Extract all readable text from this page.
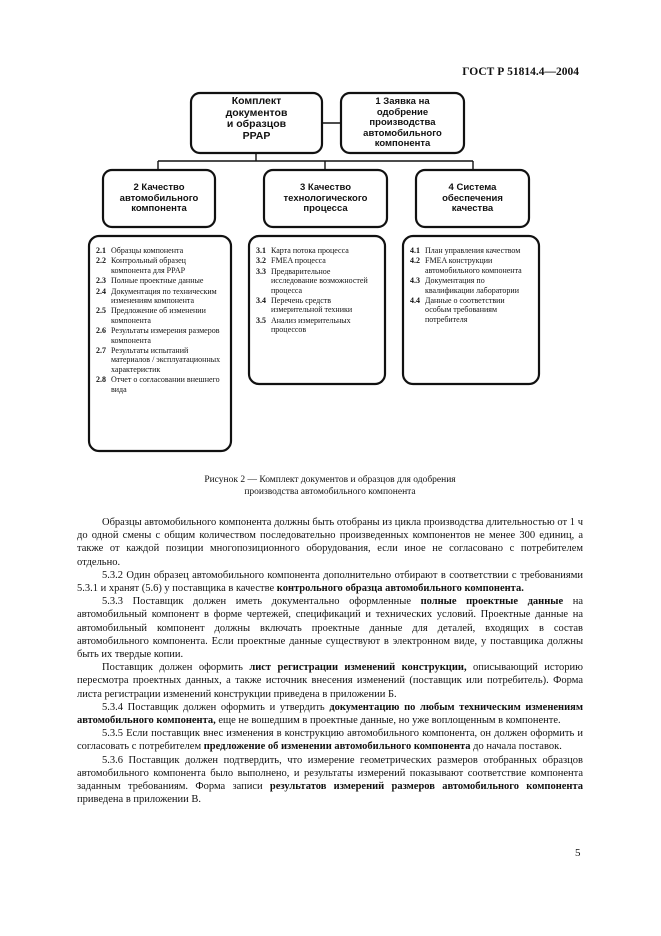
ГОСТ Р 51814.4—2004
Комплект
документов
и образцов
PPAP
1 Заявка на
одобрение
производства
автомобильного
компонента
2 Качество
автомобильного
компонента
3 Качество
технологического
процесса
4 Система
обеспечения
качества
2.1 Образцы компонента
2.2 Контрольный образец компонента для PPAP
2.3 Полные проектные данные
2.4 Документация по техническим изменениям компонента
2.5 Предложение об изменении компонента
2.6 Результаты измерения размеров компонента
2.7 Результаты испытаний материалов / эксплуатационных характеристик
2.8 Отчет о согласовании внешнего вида
3.1 Карта потока процесса
3.2 FMEA процесса
3.3 Предварительное исследование возможностей процесса
3.4 Перечень средств измерительной техники
3.5 Анализ измерительных процессов
4.1 План управления качеством
4.2 FMEA конструкции автомобильного компонента
4.3 Документация по квалификации лаборатории
4.4 Данные о соответствии особым требованиям потребителя
Рисунок 2 — Комплект документов и образцов для одобрения
производства автомобильного компонента

Образцы автомобильного компонента должны быть отобраны из цикла производства длительностью от 1 ч до одной смены с общим количеством последовательно произведенных компонентов не менее 300 единиц, а также от каждой позиции многопозиционного оборудования, если иное не согласовано с потребителем отдельно.

5.3.2 Один образец автомобильного компонента дополнительно отбирают в соответствии с требованиями 5.3.1 и хранят (5.6) у поставщика в качестве контрольного образца автомобильного компонента.

5.3.3 Поставщик должен иметь документально оформленные полные проектные данные на автомобильный компонент в форме чертежей, спецификаций и технических условий. Проектные данные на автомобильный компонент должны включать проектные данные для деталей, входящих в состав автомобильного компонента. Если проектные данные существуют в электронном виде, у поставщика должны быть их твердые копии.

Поставщик должен оформить лист регистрации изменений конструкции, описывающий историю пересмотра проектных данных, а также источник внесения изменений (поставщик или потребитель). Форма листа регистрации изменений конструкции приведена в приложении Б.

5.3.4 Поставщик должен оформить и утвердить документацию по любым техническим изменениям автомобильного компонента, еще не вошедшим в проектные данные, но уже воплощенным в компоненте.

5.3.5 Если поставщик внес изменения в конструкцию автомобильного компонента, он должен оформить и согласовать с потребителем предложение об изменении автомобильного компонента до начала поставок.

5.3.6 Поставщик должен подтвердить, что измерение геометрических размеров отобранных образцов автомобильного компонента было выполнено, и результаты измерений показывают соответствие компонента заданным требованиям. Форма записи результатов измерений размеров автомобильного компонента приведена в приложении В.

5
